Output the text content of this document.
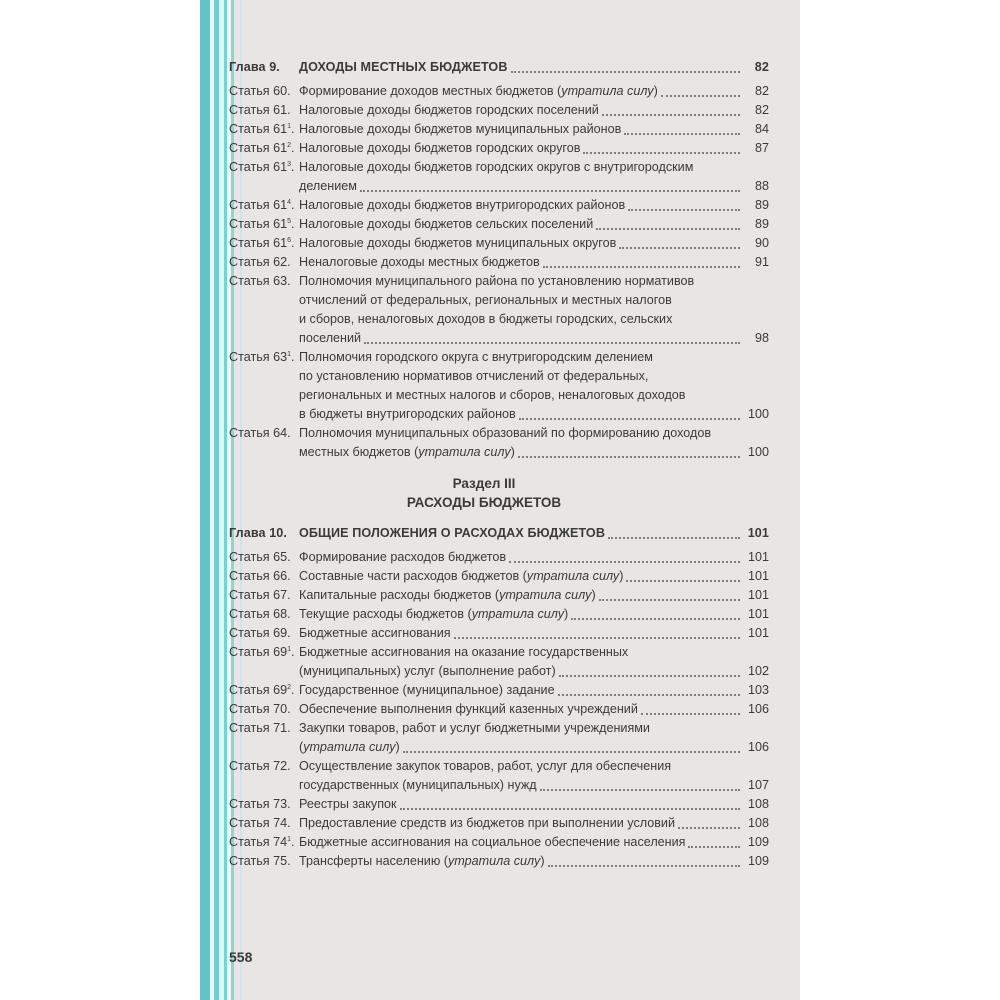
Глава 9.	ДОХОДЫ МЕСТНЫХ БЮДЖЕТОВ	82
Статья 60. Формирование доходов местных бюджетов (утратила силу)	82
Статья 61. Налоговые доходы бюджетов городских поселений	82
Статья $61^1$. Налоговые доходы бюджетов муниципальных районов	84
Статья $61^2$. Налоговые доходы бюджетов городских округов	87
Статья $61^3$. Налоговые доходы бюджетов городских округов с внутригородским
делением	88
Статья $61^4$. Налоговые доходы бюджетов внутригородских районов	89
Статья $61^5$. Налоговые доходы бюджетов сельских поселений	89
Статья $61^6$. Налоговые доходы бюджетов муниципальных округов	90
Статья 62. Неналоговые доходы местных бюджетов	91
Статья 63. Полномочия муниципального района по установлению нормативов
отчислений от федеральных, региональных и местных налогов
и сборов, неналоговых доходов в бюджеты городских, сельских
поселений	98
Статья $63^1$. Полномочия городского округа с внутригородским делением
по установлению нормативов отчислений от федеральных,
региональных и местных налогов и сборов, неналоговых доходов
в бюджеты внутригородских районов	100
Статья 64. Полномочия муниципальных образований по формированию доходов
местных бюджетов (утратила силу)	100
Раздел III
РАСХОДЫ БЮДЖЕТОВ
Глава 10. ОБЩИЕ ПОЛОЖЕНИЯ О РАСХОДАХ БЮДЖЕТОВ	101
Статья 65. Формирование расходов бюджетов	101
Статья 66. Составные части расходов бюджетов (утратила силу)	101
Статья 67. Капитальные расходы бюджетов (утратила силу)	101
Статья 68. Текущие расходы бюджетов (утратила силу)	101
Статья 69. Бюджетные ассигнования	101
Статья $69^1$. Бюджетные ассигнования на оказание государственных
(муниципальных) услуг (выполнение работ)	102
Статья $69^2$. Государственное (муниципальное) задание	103
Статья 70. Обеспечение выполнения функций казенных учреждений	106
Статья 71. Закупки товаров, работ и услуг бюджетными учреждениями
(утратила силу)	106
Статья 72. Осуществление закупок товаров, работ, услуг для обеспечения
государственных (муниципальных) нужд	107
Статья 73. Реестры закупок	108
Статья 74. Предоставление средств из бюджетов при выполнении условий	108
Статья $74^1$. Бюджетные ассигнования на социальное обеспечение населения	109
Статья 75. Трансферты населению (утратила силу)	109
558
